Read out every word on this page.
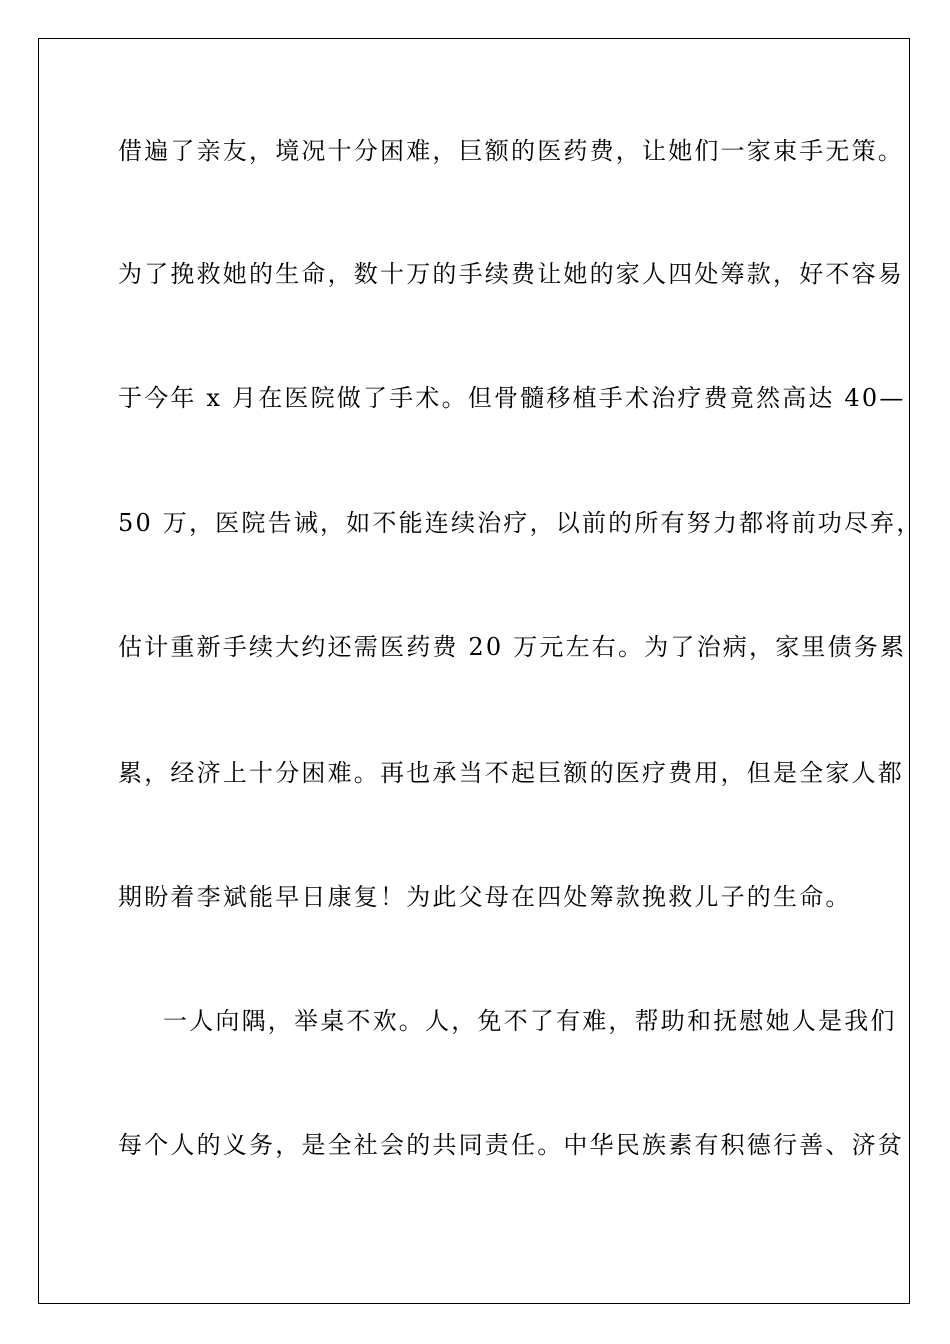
借遍了亲友，境况十分困难，巨额的医药费，让她们一家束手无策。
为了挽救她的生命，数十万的手续费让她的家人四处筹款，好不容易
于今年 x 月在医院做了手术。但骨髓移植手术治疗费竟然高达 40—
50 万，医院告诫，如不能连续治疗，以前的所有努力都将前功尽弃，
估计重新手续大约还需医药费 20 万元左右。为了治病，家里债务累
累，经济上十分困难。再也承当不起巨额的医疗费用，但是全家人都
期盼着李斌能早日康复！为此父母在四处筹款挽救儿子的生命。
一人向隅，举桌不欢。人，免不了有难，帮助和抚慰她人是我们
每个人的义务，是全社会的共同责任。中华民族素有积德行善、济贫
